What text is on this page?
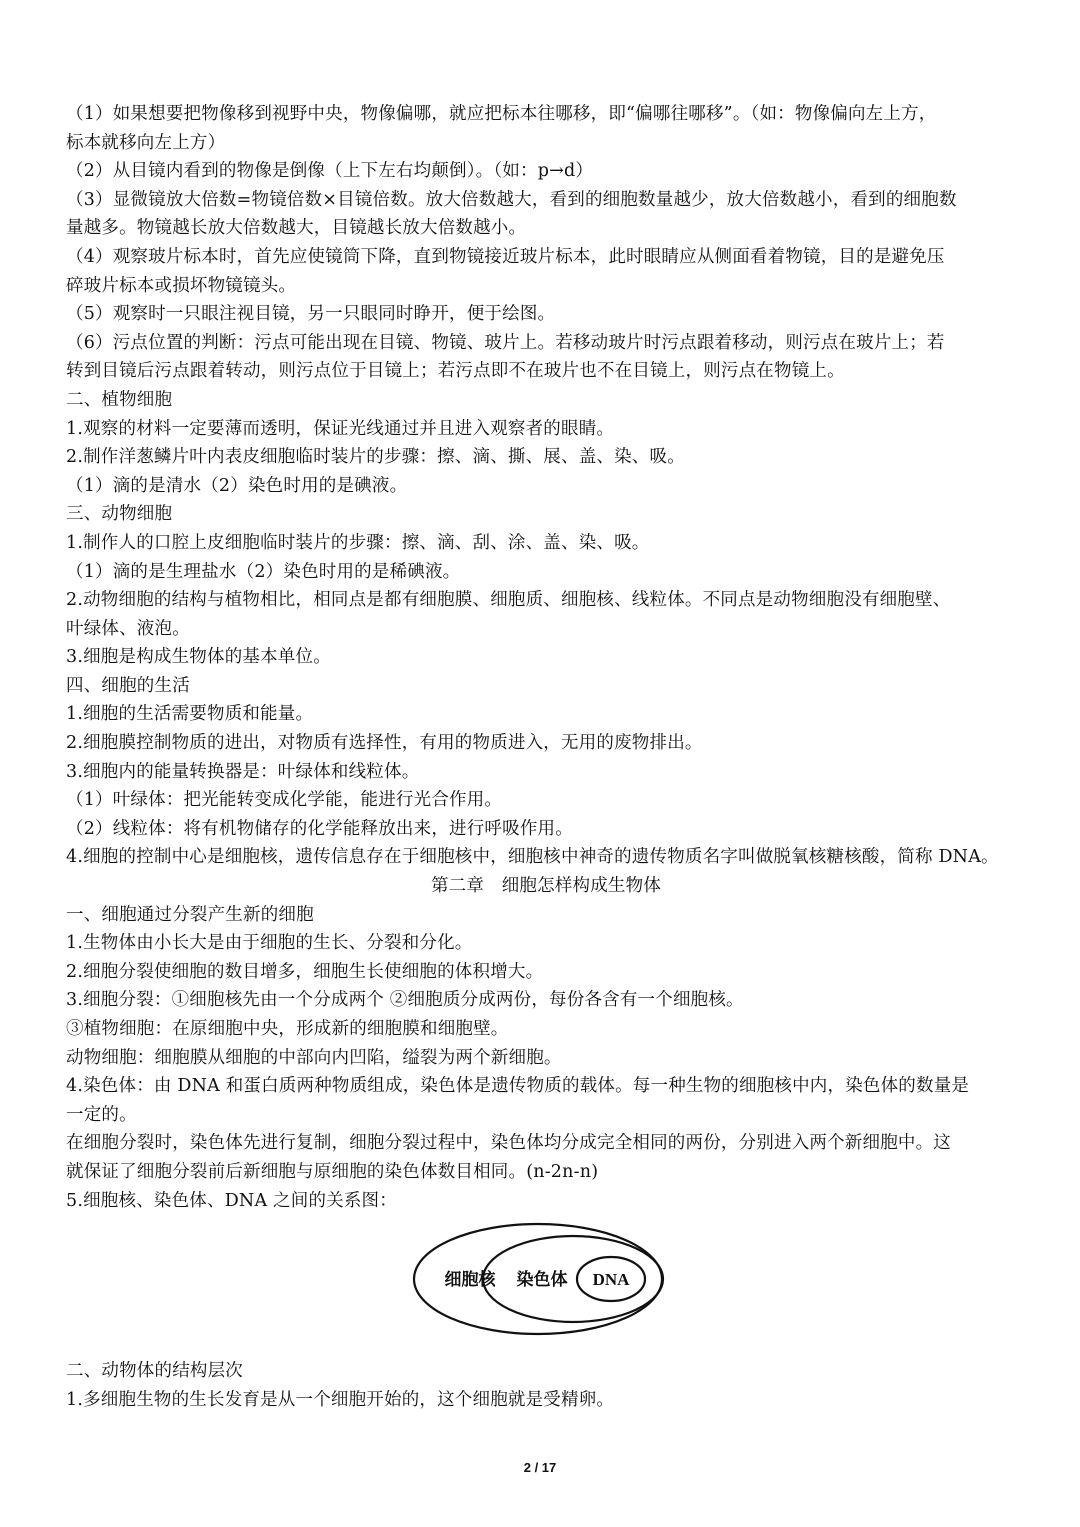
（1）如果想要把物像移到视野中央，物像偏哪，就应把标本往哪移，即“偏哪往哪移”。（如：物像偏向左上方，
标本就移向左上方）
（2）从目镜内看到的物像是倒像（上下左右均颠倒）。（如：p→d）
（3）显微镜放大倍数=物镜倍数×目镜倍数。放大倍数越大，看到的细胞数量越少，放大倍数越小，看到的细胞数
量越多。物镜越长放大倍数越大，目镜越长放大倍数越小。
（4）观察玻片标本时，首先应使镜筒下降，直到物镜接近玻片标本，此时眼睛应从侧面看着物镜，目的是避免压
碎玻片标本或损坏物镜镜头。
（5）观察时一只眼注视目镜，另一只眼同时睁开，便于绘图。
（6）污点位置的判断：污点可能出现在目镜、物镜、玻片上。若移动玻片时污点跟着移动，则污点在玻片上；若
转到目镜后污点跟着转动，则污点位于目镜上；若污点即不在玻片也不在目镜上，则污点在物镜上。
二、植物细胞
1.观察的材料一定要薄而透明，保证光线通过并且进入观察者的眼睛。
2.制作洋葱鳞片叶内表皮细胞临时装片的步骤：擦、滴、撕、展、盖、染、吸。
（1）滴的是清水（2）染色时用的是碘液。
三、动物细胞
1.制作人的口腔上皮细胞临时装片的步骤：擦、滴、刮、涂、盖、染、吸。
（1）滴的是生理盐水（2）染色时用的是稀碘液。
2.动物细胞的结构与植物相比，相同点是都有细胞膜、细胞质、细胞核、线粒体。不同点是动物细胞没有细胞壁、
叶绿体、液泡。
3.细胞是构成生物体的基本单位。
四、细胞的生活
1.细胞的生活需要物质和能量。
2.细胞膜控制物质的进出，对物质有选择性，有用的物质进入，无用的废物排出。
3.细胞内的能量转换器是：叶绿体和线粒体。
（1）叶绿体：把光能转变成化学能，能进行光合作用。
（2）线粒体：将有机物储存的化学能释放出来，进行呼吸作用。
4.细胞的控制中心是细胞核，遗传信息存在于细胞核中，细胞核中神奇的遗传物质名字叫做脱氧核糖核酸，简称 DNA。
第二章　细胞怎样构成生物体
一、细胞通过分裂产生新的细胞
1.生物体由小长大是由于细胞的生长、分裂和分化。
2.细胞分裂使细胞的数目增多，细胞生长使细胞的体积增大。
3.细胞分裂：①细胞核先由一个分成两个 ②细胞质分成两份，每份各含有一个细胞核。
③植物细胞：在原细胞中央，形成新的细胞膜和细胞壁。
动物细胞：细胞膜从细胞的中部向内凹陷，缢裂为两个新细胞。
4.染色体：由 DNA 和蛋白质两种物质组成，染色体是遗传物质的载体。每一种生物的细胞核中内，染色体的数量是
一定的。
在细胞分裂时，染色体先进行复制，细胞分裂过程中，染色体均分成完全相同的两份，分别进入两个新细胞中。这
就保证了细胞分裂前后新细胞与原细胞的染色体数目相同。(n-2n-n)
5.细胞核、染色体、DNA 之间的关系图：
细胞核 染色体 DNA
二、动物体的结构层次
1.多细胞生物的生长发育是从一个细胞开始的，这个细胞就是受精卵。
2 / 17
